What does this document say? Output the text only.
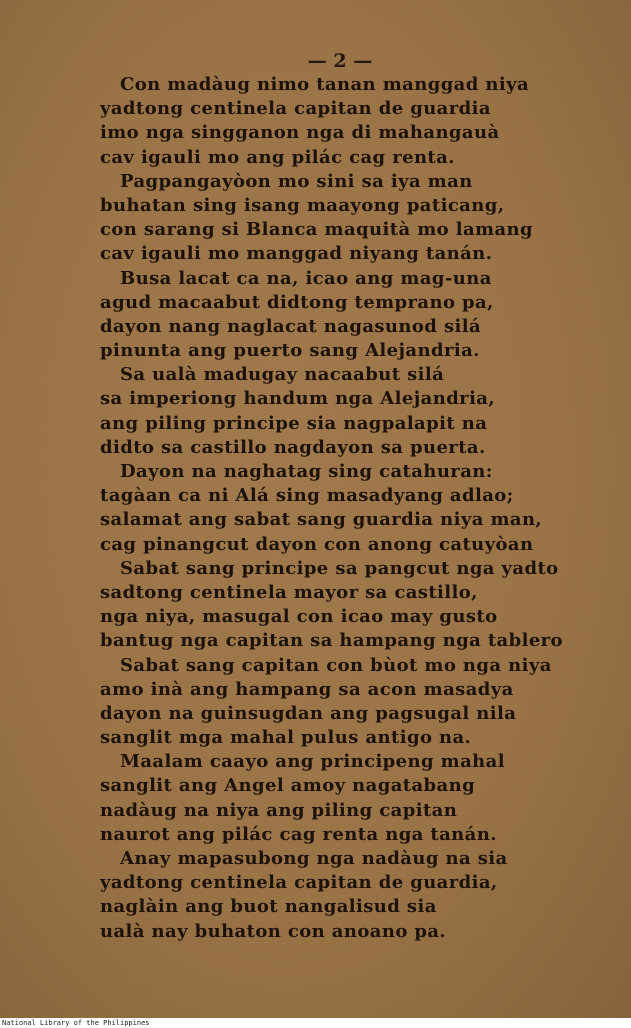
— 2 —
Con madàug nimo tanan manggad niya
yadtong centinela capitan de guardia
imo nga singganon nga di mahangauà
cav igauli mo ang pilác cag renta.
Pagpangayòon mo sini sa iya man
buhatan sing isang maayong paticang,
con sarang si Blanca maquità mo lamang
cav igauli mo manggad niyang tanán.
Busa lacat ca na, icao ang mag-una
agud macaabut didtong temprano pa,
dayon nang naglacat nagasunod silá
pinunta ang puerto sang Alejandria.
Sa ualà madugay nacaabut silá
sa imperiong handum nga Alejandria,
ang piling principe sia nagpalapit na
didto sa castillo nagdayon sa puerta.
Dayon na naghatag sing catahuran:
tagàan ca ni Alá sing masadyang adlao;
salamat ang sabat sang guardia niya man,
cag pinangcut dayon con anong catuyòan
Sabat sang principe sa pangcut nga yadto
sadtong centinela mayor sa castillo,
nga niya, masugal con icao may gusto
bantug nga capitan sa hampang nga tablero
Sabat sang capitan con bùot mo nga niya
amo inà ang hampang sa acon masadya
dayon na guinsugdan ang pagsugal nila
sanglit mga mahal pulus antigo na.
Maalam caayo ang principeng mahal
sanglit ang Angel amoy nagatabang
nadàug na niya ang piling capitan
naurot ang pilác cag renta nga tanán.
Anay mapasubong nga nadàug na sia
yadtong centinela capitan de guardia,
naglàin ang buot nangalisud sia
ualà nay buhaton con anoano pa.
National Library of the Philippines
